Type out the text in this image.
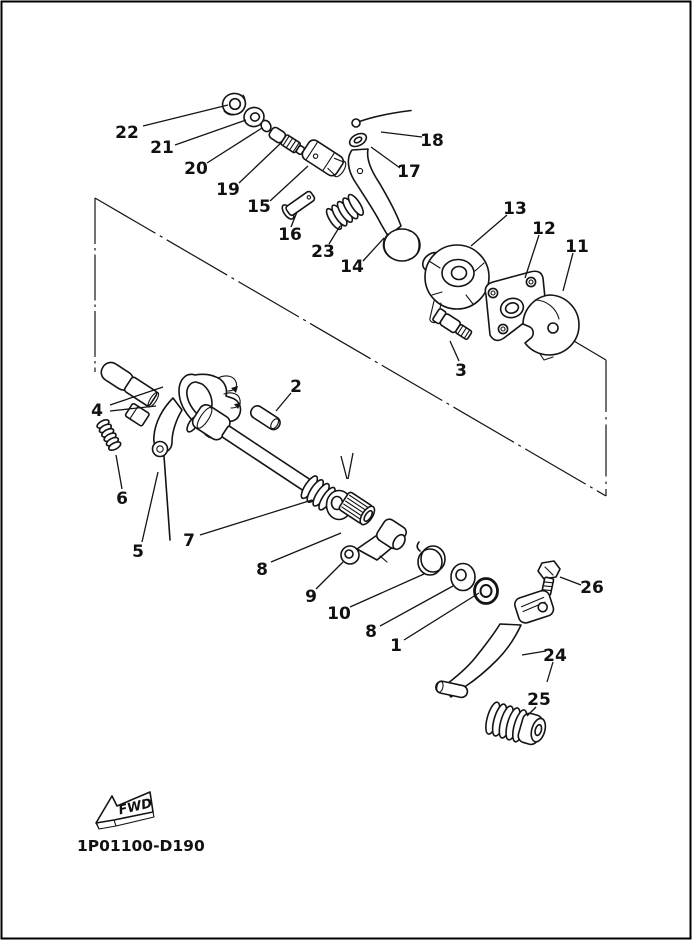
22
21
20
19
15
16
23
14
17
18
13
12
11
3
2
4
6
5
7
8
9
10
8
1
26
24
25
FWD
1P01100-D190
